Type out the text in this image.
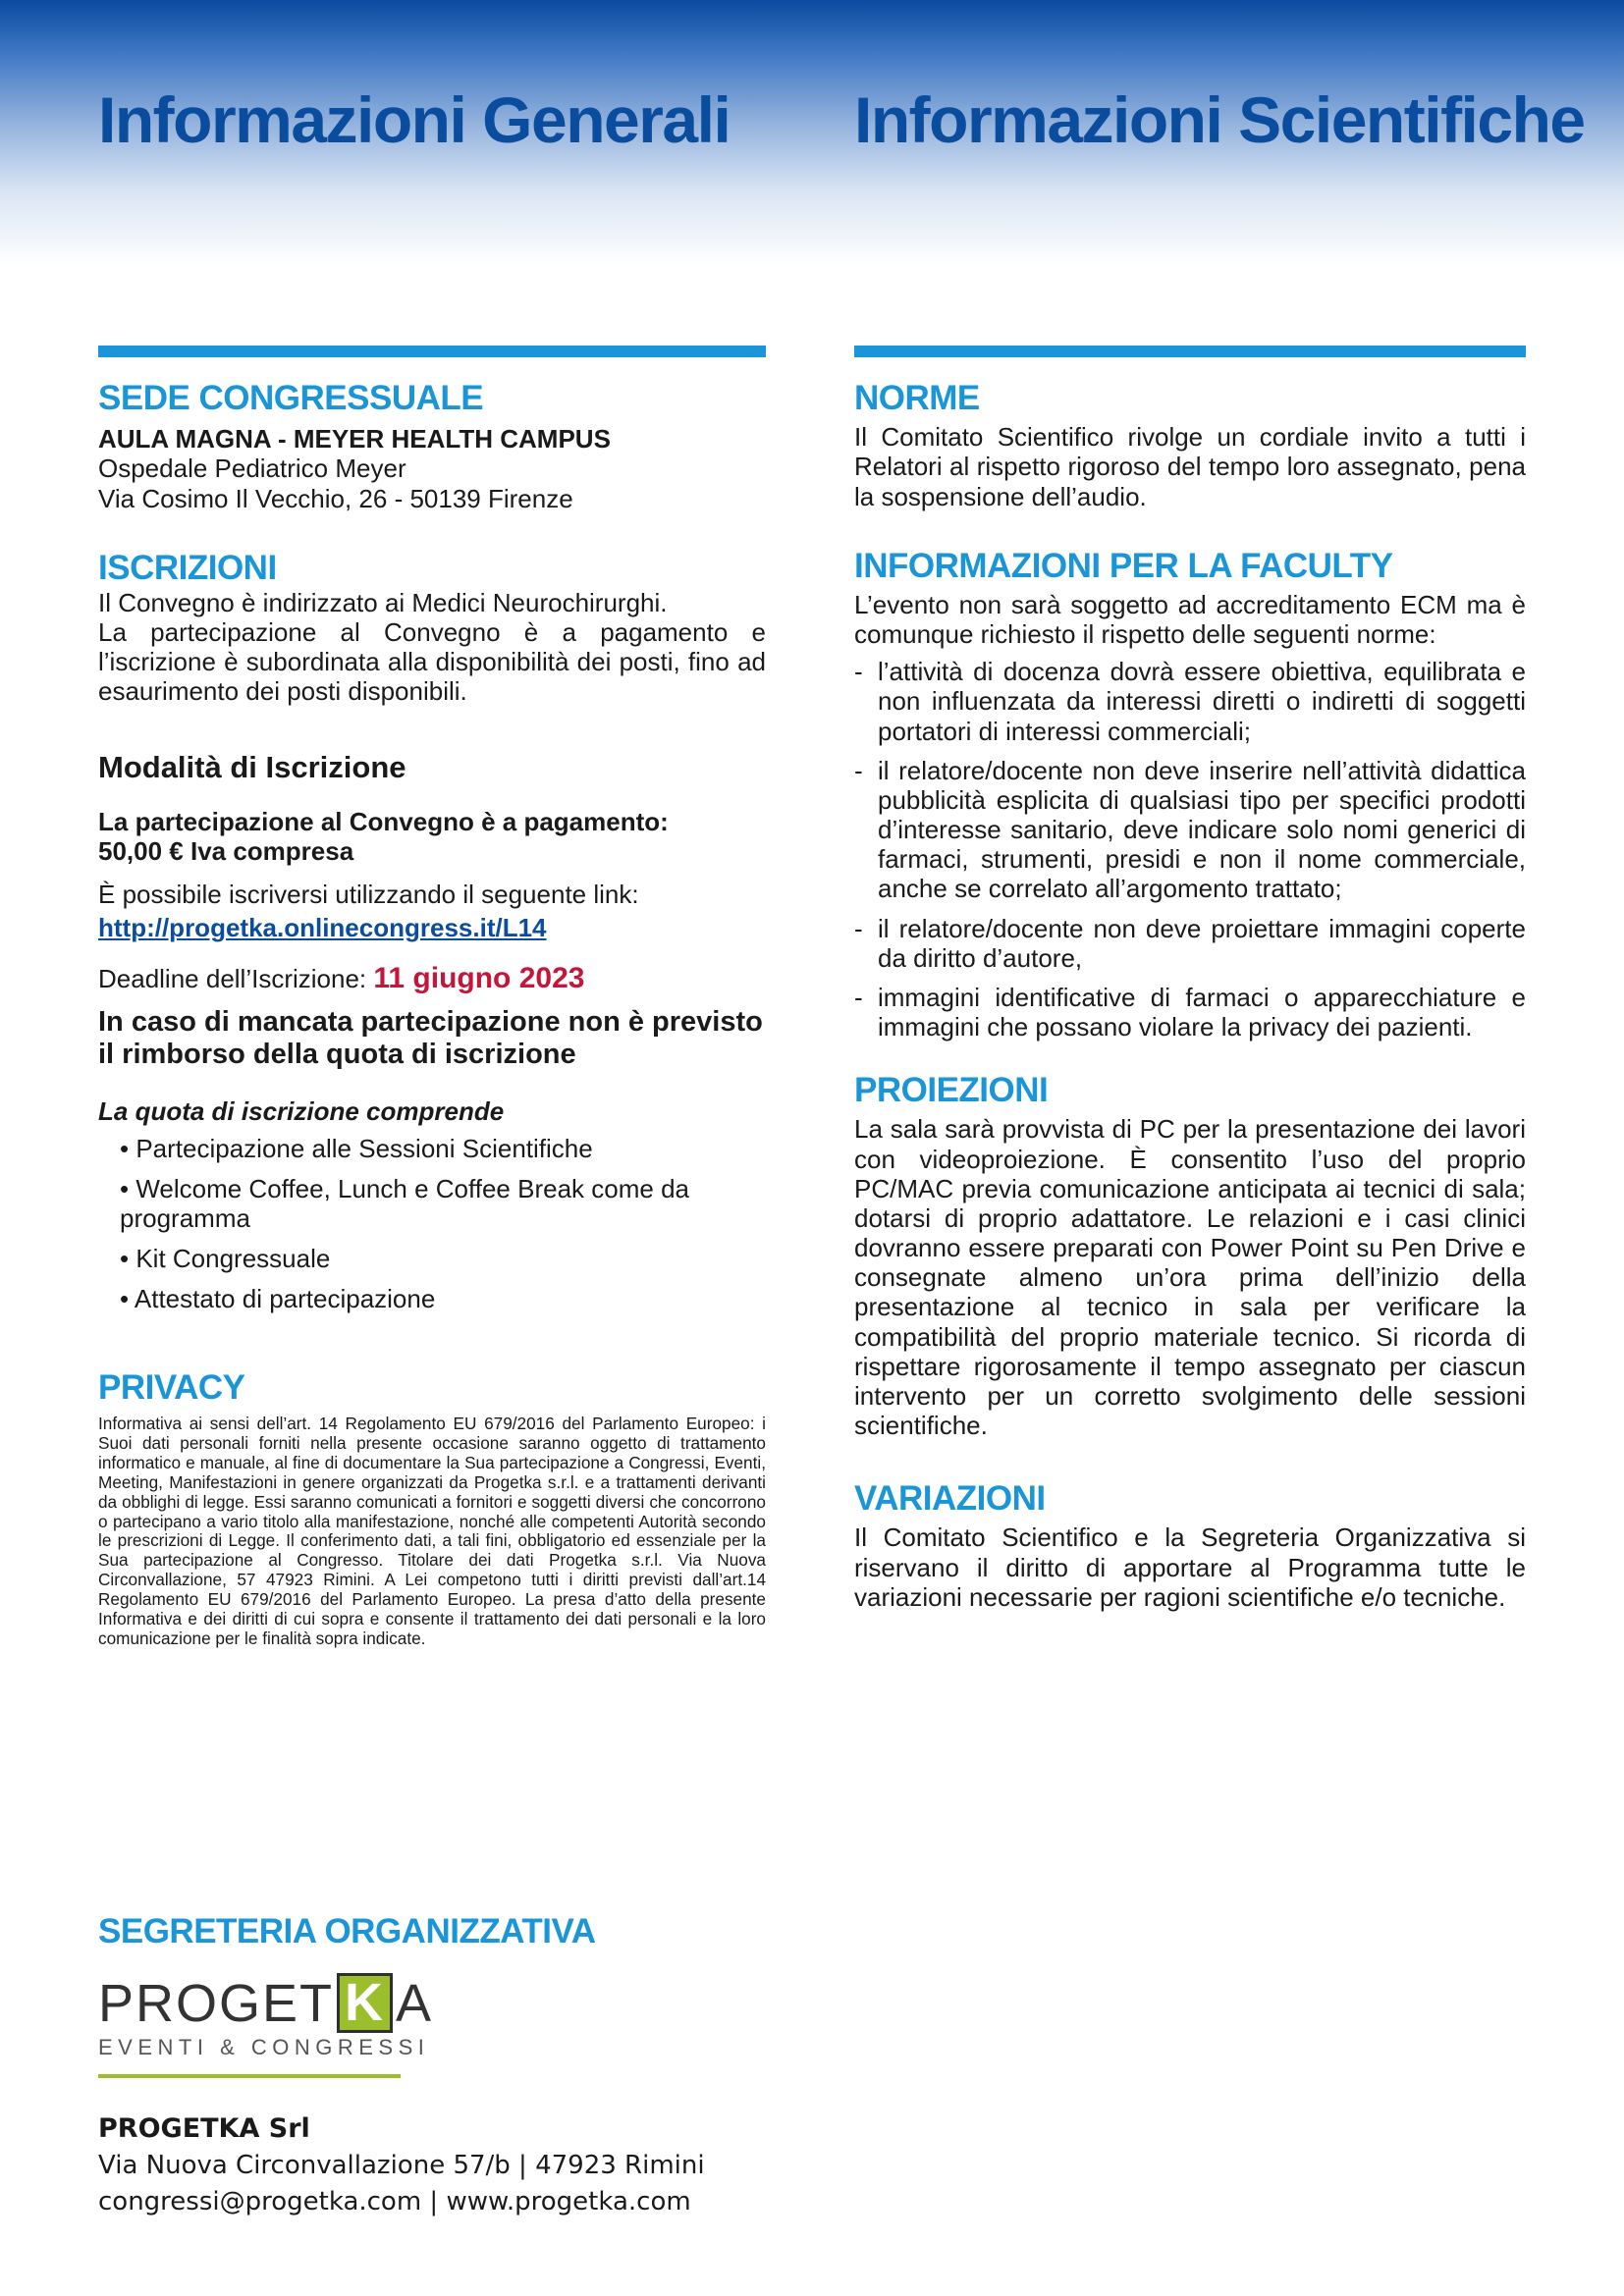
Informazioni Generali Informazioni Scientifiche
SEDE CONGRESSUALE

AULA MAGNA - MEYER HEALTH CAMPUS

Ospedale Pediatrico Meyer

Via Cosimo Il Vecchio, 26 - 50139 Firenze

ISCRIZIONI

Il Convegno è indirizzato ai Medici Neurochirurghi.

La partecipazione al Convegno è a pagamento e l’iscrizione è subordinata alla disponibilità dei posti, fino ad esaurimento dei posti disponibili.

Modalità di Iscrizione

La partecipazione al Convegno è a pagamento:

50,00 € Iva compresa

È possibile iscriversi utilizzando il seguente link:

http://progetka.onlinecongress.it/L14

Deadline dell’Iscrizione: 11 giugno 2023

In caso di mancata partecipazione non è previsto il rimborso della quota di iscrizione

La quota di iscrizione comprende

• Partecipazione alle Sessioni Scientifiche
• Welcome Coffee, Lunch e Coffee Break come da programma
• Kit Congressuale
• Attestato di partecipazione
PRIVACY

Informativa ai sensi dell’art. 14 Regolamento EU 679/2016 del Parlamento Europeo: i Suoi dati personali forniti nella presente occasione saranno oggetto di trattamento informatico e manuale, al fine di documentare la Sua partecipazione a Congressi, Eventi, Meeting, Manifestazioni in genere organizzati da Progetka s.r.l. e a trattamenti derivanti da obblighi di legge. Essi saranno comunicati a fornitori e soggetti diversi che concorrono o partecipano a vario titolo alla manifestazione, nonché alle competenti Autorità secondo le prescrizioni di Legge. Il conferimento dati, a tali fini, obbligatorio ed essenziale per la Sua partecipazione al Congresso. Titolare dei dati Progetka s.r.l. Via Nuova Circonvallazione, 57 47923 Rimini. A Lei competono tutti i diritti previsti dall’art.14 Regolamento EU 679/2016 del Parlamento Europeo. La presa d’atto della presente Informativa e dei diritti di cui sopra e consente il trattamento dei dati personali e la loro comunicazione per le finalità sopra indicate.

NORME

Il Comitato Scientifico rivolge un cordiale invito a tutti i Relatori al rispetto rigoroso del tempo loro assegnato, pena la sospensione dell’audio.

INFORMAZIONI PER LA FACULTY

L’evento non sarà soggetto ad accreditamento ECM ma è comunque richiesto il rispetto delle seguenti norme:

- l’attività di docenza dovrà essere obiettiva, equilibrata e non influenzata da interessi diretti o indiretti di soggetti portatori di interessi commerciali;
- il relatore/docente non deve inserire nell’attività didattica pubblicità esplicita di qualsiasi tipo per specifici prodotti d’interesse sanitario, deve indicare solo nomi generici di farmaci, strumenti, presidi e non il nome commerciale, anche se correlato all’argomento trattato;
- il relatore/docente non deve proiettare immagini coperte da diritto d’autore,
- immagini identificative di farmaci o apparecchiature e immagini che possano violare la privacy dei pazienti.
PROIEZIONI

La sala sarà provvista di PC per la presentazione dei lavori con videoproiezione. È consentito l’uso del proprio PC/MAC previa comunicazione anticipata ai tecnici di sala; dotarsi di proprio adattatore. Le relazioni e i casi clinici dovranno essere preparati con Power Point su Pen Drive e consegnate almeno un’ora prima dell’inizio della presentazione al tecnico in sala per verificare la compatibilità del proprio materiale tecnico. Si ricorda di rispettare rigorosamente il tempo assegnato per ciascun intervento per un corretto svolgimento delle sessioni scientifiche.

VARIAZIONI

Il Comitato Scientifico e la Segreteria Organizzativa si riservano il diritto di apportare al Programma tutte le variazioni necessarie per ragioni scientifiche e/o tecniche.

SEGRETERIA ORGANIZZATIVA
PROGET K A
EVENTI & CONGRESSI

PROGETKA Srl

Via Nuova Circonvallazione 57/b | 47923 Rimini

congressi@progetka.com | www.progetka.com
